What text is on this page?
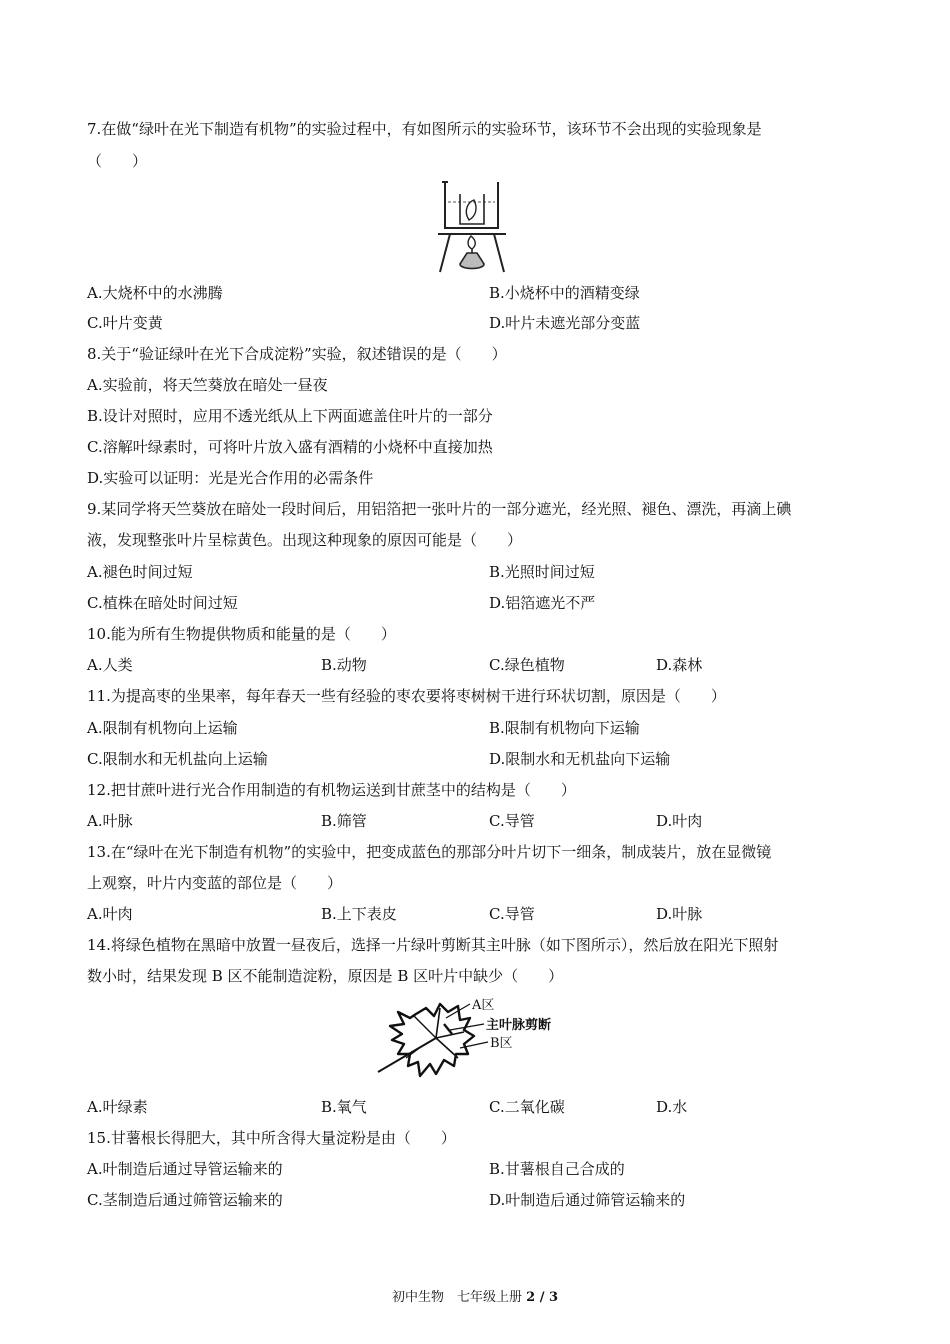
7.在做“绿叶在光下制造有机物”的实验过程中，有如图所示的实验环节，该环节不会出现的实验现象是
（　　）
A.大烧杯中的水沸腾	B.小烧杯中的酒精变绿
C.叶片变黄	D.叶片未遮光部分变蓝
8.关于“验证绿叶在光下合成淀粉”实验，叙述错误的是（　　）
A.实验前，将天竺葵放在暗处一昼夜
B.设计对照时，应用不透光纸从上下两面遮盖住叶片的一部分
C.溶解叶绿素时，可将叶片放入盛有酒精的小烧杯中直接加热
D.实验可以证明：光是光合作用的必需条件
9.某同学将天竺葵放在暗处一段时间后，用铝箔把一张叶片的一部分遮光，经光照、褪色、漂洗，再滴上碘
液，发现整张叶片呈棕黄色。出现这种现象的原因可能是（　　）
A.褪色时间过短	B.光照时间过短
C.植株在暗处时间过短	D.铝箔遮光不严
10.能为所有生物提供物质和能量的是（　　）
A.人类	B.动物	C.绿色植物	D.森林
11.为提高枣的坐果率，每年春天一些有经验的枣农要将枣树树干进行环状切割，原因是（　　）
A.限制有机物向上运输	B.限制有机物向下运输
C.限制水和无机盐向上运输	D.限制水和无机盐向下运输
12.把甘蔗叶进行光合作用制造的有机物运送到甘蔗茎中的结构是（　　）
A.叶脉	B.筛管	C.导管	D.叶肉
13.在“绿叶在光下制造有机物”的实验中，把变成蓝色的那部分叶片切下一细条，制成装片，放在显微镜
上观察，叶片内变蓝的部位是（　　）
A.叶肉	B.上下表皮	C.导管	D.叶脉
14.将绿色植物在黑暗中放置一昼夜后，选择一片绿叶剪断其主叶脉（如下图所示），然后放在阳光下照射
数小时，结果发现 B 区不能制造淀粉，原因是 B 区叶片中缺少（　　）
A区
主叶脉剪断
B区
A.叶绿素	B.氧气	C.二氧化碳	D.水
15.甘薯根长得肥大，其中所含得大量淀粉是由（　　）
A.叶制造后通过导管运输来的	B.甘薯根自己合成的
C.茎制造后通过筛管运输来的	D.叶制造后通过筛管运输来的
初中生物　七年级上册 2 / 3
